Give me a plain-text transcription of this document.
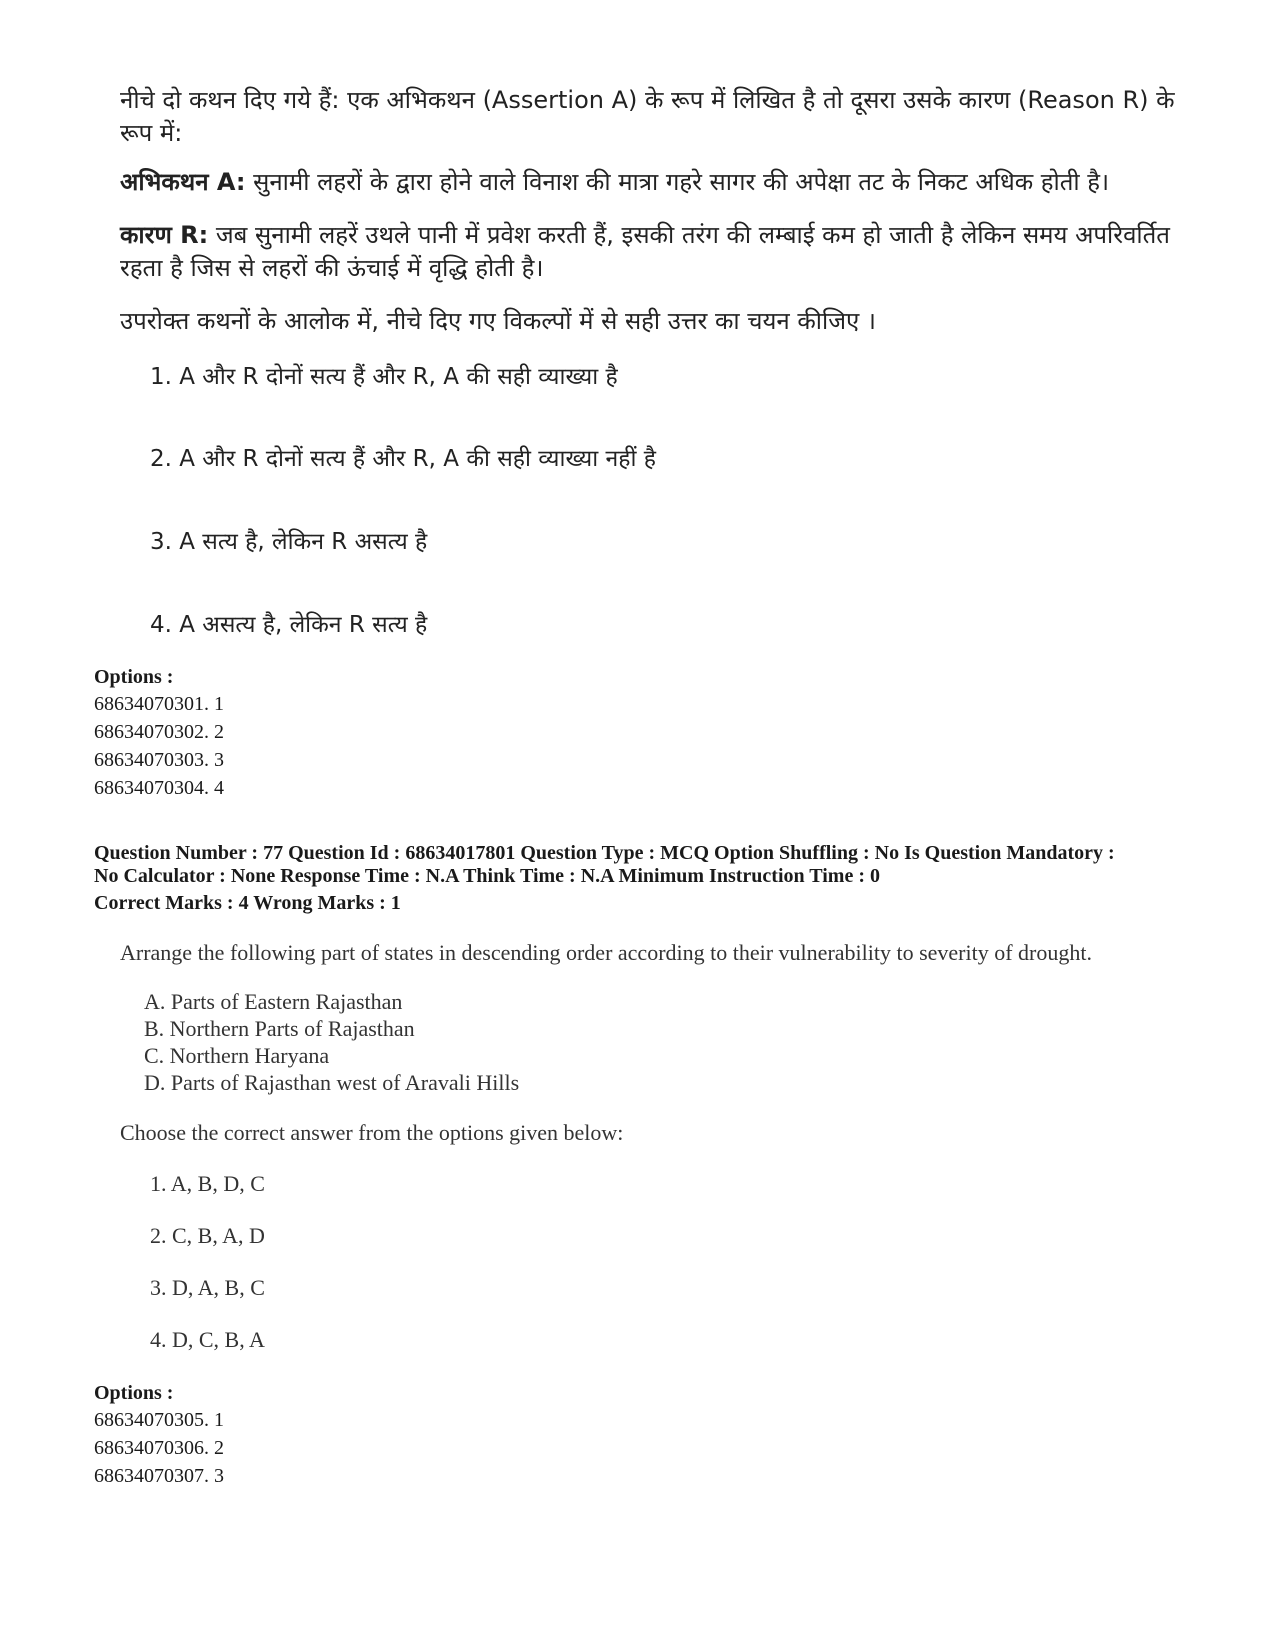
नीचे दो कथन दिए गये हैं: एक अभिकथन (Assertion A) के रूप में लिखित है तो दूसरा उसके कारण (Reason R) के रूप में:
अभिकथन A: सुनामी लहरों के द्वारा होने वाले विनाश की मात्रा गहरे सागर की अपेक्षा तट के निकट अधिक होती है।
कारण R: जब सुनामी लहरें उथले पानी में प्रवेश करती हैं, इसकी तरंग की लम्बाई कम हो जाती है लेकिन समय अपरिवर्तित रहता है जिस से लहरों की ऊंचाई में वृद्धि होती है।
उपरोक्त कथनों के आलोक में, नीचे दिए गए विकल्पों में से सही उत्तर का चयन कीजिए ।
1. A और R दोनों सत्य हैं और R, A की सही व्याख्या है
2. A और R दोनों सत्य हैं और R, A की सही व्याख्या नहीं है
3. A सत्य है, लेकिन R असत्य है
4. A असत्य है, लेकिन R सत्य है
Options :
68634070301. 1
68634070302. 2
68634070303. 3
68634070304. 4
Question Number : 77 Question Id : 68634017801 Question Type : MCQ Option Shuffling : No Is Question Mandatory :
No Calculator : None Response Time : N.A Think Time : N.A Minimum Instruction Time : 0
Correct Marks : 4 Wrong Marks : 1
Arrange the following part of states in descending order according to their vulnerability to severity of drought.
A. Parts of Eastern Rajasthan
B. Northern Parts of Rajasthan
C. Northern Haryana
D. Parts of Rajasthan west of Aravali Hills
Choose the correct answer from the options given below:
1. A, B, D, C
2. C, B, A, D
3. D, A, B, C
4. D, C, B, A
Options :
68634070305. 1
68634070306. 2
68634070307. 3
